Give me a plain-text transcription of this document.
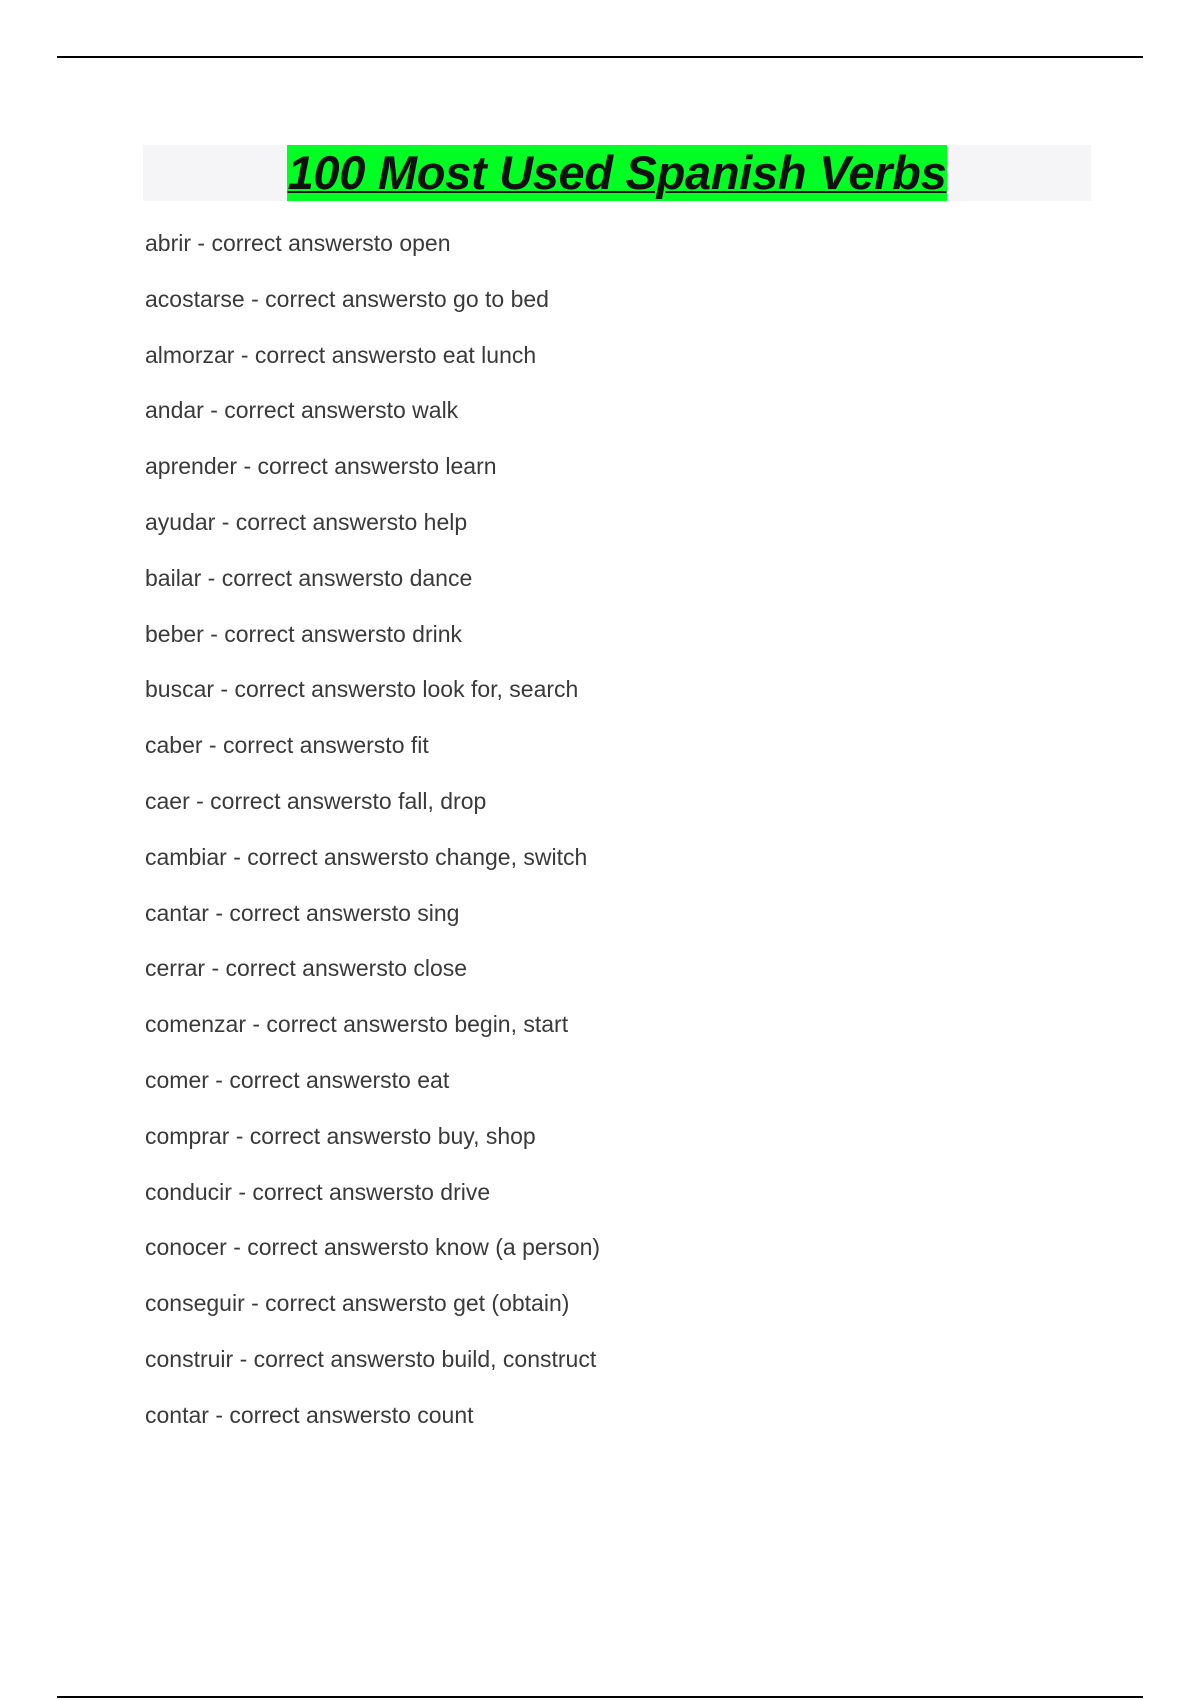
100 Most Used Spanish Verbs
abrir - correct answersto open
acostarse - correct answersto go to bed
almorzar - correct answersto eat lunch
andar - correct answersto walk
aprender - correct answersto learn
ayudar - correct answersto help
bailar - correct answersto dance
beber - correct answersto drink
buscar - correct answersto look for, search
caber - correct answersto fit
caer - correct answersto fall, drop
cambiar - correct answersto change, switch
cantar - correct answersto sing
cerrar - correct answersto close
comenzar - correct answersto begin, start
comer - correct answersto eat
comprar - correct answersto buy, shop
conducir - correct answersto drive
conocer - correct answersto know (a person)
conseguir - correct answersto get (obtain)
construir - correct answersto build, construct
contar - correct answersto count
